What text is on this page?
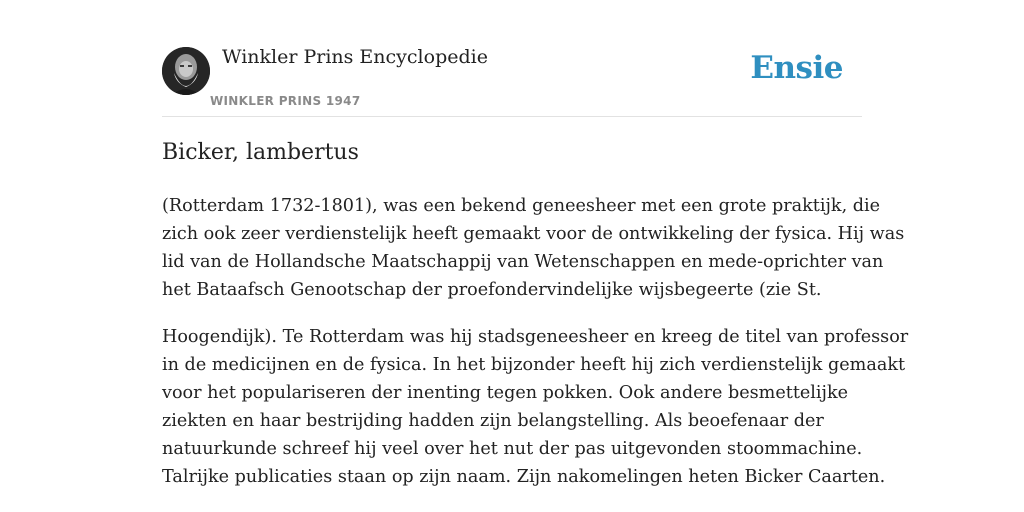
Winkler Prins Encyclopedie
WINKLER PRINS 1947
Ensie
Bicker, lambertus

(Rotterdam 1732-1801), was een bekend geneesheer met een grote praktijk, die
zich ook zeer verdienstelijk heeft gemaakt voor de ontwikkeling der fysica. Hij was
lid van de Hollandsche Maatschappij van Wetenschappen en mede-oprichter van
het Bataafsch Genootschap der proefondervindelijke wijsbegeerte (zie St.

Hoogendijk). Te Rotterdam was hij stadsgeneesheer en kreeg de titel van professor
in de medicijnen en de fysica. In het bijzonder heeft hij zich verdienstelijk gemaakt
voor het populariseren der inenting tegen pokken. Ook andere besmettelijke
ziekten en haar bestrijding hadden zijn belangstelling. Als beoefenaar der
natuurkunde schreef hij veel over het nut der pas uitgevonden stoommachine.
Talrijke publicaties staan op zijn naam. Zijn nakomelingen heten Bicker Caarten.
